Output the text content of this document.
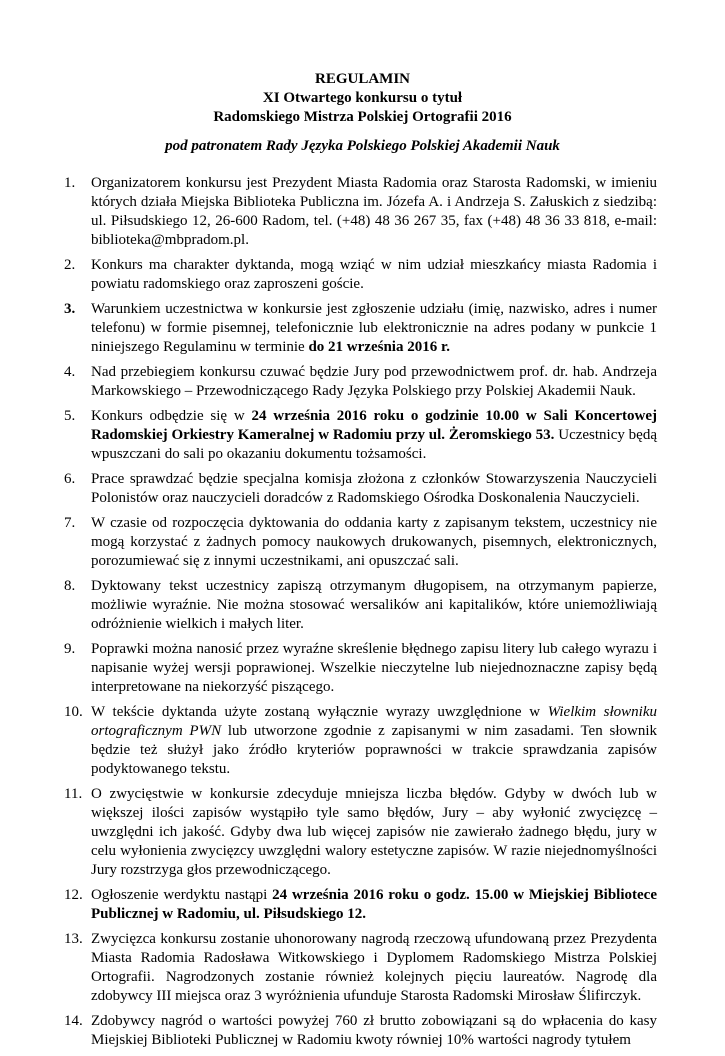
REGULAMIN
XI Otwartego konkursu o tytuł
Radomskiego Mistrza Polskiej Ortografii 2016
pod patronatem Rady Języka Polskiego Polskiej Akademii Nauk
1.	Organizatorem konkursu jest Prezydent Miasta Radomia oraz Starosta Radomski, w imieniu których działa Miejska Biblioteka Publiczna im. Józefa A. i Andrzeja S. Załuskich z siedzibą: ul. Piłsudskiego 12, 26-600 Radom, tel. (+48) 48 36 267 35, fax (+48) 48 36 33 818, e-mail: biblioteka@mbpradom.pl.
2.	Konkurs ma charakter dyktanda, mogą wziąć w nim udział mieszkańcy miasta Radomia i powiatu radomskiego oraz zaproszeni goście.
3.	Warunkiem uczestnictwa w konkursie jest zgłoszenie udziału (imię, nazwisko, adres i numer telefonu) w formie pisemnej, telefonicznie lub elektronicznie na adres podany w punkcie 1 niniejszego Regulaminu w terminie do 21 września 2016 r.
4.	Nad przebiegiem konkursu czuwać będzie Jury pod przewodnictwem prof. dr. hab. Andrzeja Markowskiego – Przewodniczącego Rady Języka Polskiego przy Polskiej Akademii Nauk.
5.	Konkurs odbędzie się w 24 września 2016 roku o godzinie 10.00 w Sali Koncertowej Radomskiej Orkiestry Kameralnej w Radomiu przy ul. Żeromskiego 53. Uczestnicy będą wpuszczani do sali po okazaniu dokumentu tożsamości.
6.	Prace sprawdzać będzie specjalna komisja złożona z członków Stowarzyszenia Nauczycieli Polonistów oraz nauczycieli doradców z Radomskiego Ośrodka Doskonalenia Nauczycieli.
7.	W czasie od rozpoczęcia dyktowania do oddania karty z zapisanym tekstem, uczestnicy nie mogą korzystać z żadnych pomocy naukowych drukowanych, pisemnych, elektronicznych, porozumiewać się z innymi uczestnikami, ani opuszczać sali.
8.	Dyktowany tekst uczestnicy zapiszą otrzymanym długopisem, na otrzymanym papierze, możliwie wyraźnie. Nie można stosować wersalików ani kapitalików, które uniemożliwiają odróżnienie wielkich i małych liter.
9.	Poprawki można nanosić przez wyraźne skreślenie błędnego zapisu litery lub całego wyrazu i napisanie wyżej wersji poprawionej. Wszelkie nieczytelne lub niejednoznaczne zapisy będą interpretowane na niekorzyść piszącego.
10. W tekście dyktanda użyte zostaną wyłącznie wyrazy uwzględnione w Wielkim słowniku ortograficznym PWN lub utworzone zgodnie z zapisanymi w nim zasadami. Ten słownik będzie też służył jako źródło kryteriów poprawności w trakcie sprawdzania zapisów podyktowanego tekstu.
11. O zwycięstwie w konkursie zdecyduje mniejsza liczba błędów. Gdyby w dwóch lub w większej ilości zapisów wystąpiło tyle samo błędów, Jury – aby wyłonić zwycięzcę – uwzględni ich jakość. Gdyby dwa lub więcej zapisów nie zawierało żadnego błędu, jury w celu wyłonienia zwycięzcy uwzględni walory estetyczne zapisów. W razie niejednomyślności Jury rozstrzyga głos przewodniczącego.
12. Ogłoszenie werdyktu nastąpi 24 września 2016 roku o godz. 15.00 w Miejskiej Bibliotece Publicznej w Radomiu, ul. Piłsudskiego 12.
13. Zwycięzca konkursu zostanie uhonorowany nagrodą rzeczową ufundowaną przez Prezydenta Miasta Radomia Radosława Witkowskiego i Dyplomem Radomskiego Mistrza Polskiej Ortografii. Nagrodzonych zostanie również kolejnych pięciu laureatów. Nagrodę dla zdobywcy III miejsca oraz 3 wyróżnienia ufunduje Starosta Radomski Mirosław Ślifirczyk.
14. Zdobywcy nagród o wartości powyżej 760 zł brutto zobowiązani są do wpłacenia do kasy Miejskiej Biblioteki Publicznej w Radomiu kwoty równiej 10% wartości nagrody tytułem
